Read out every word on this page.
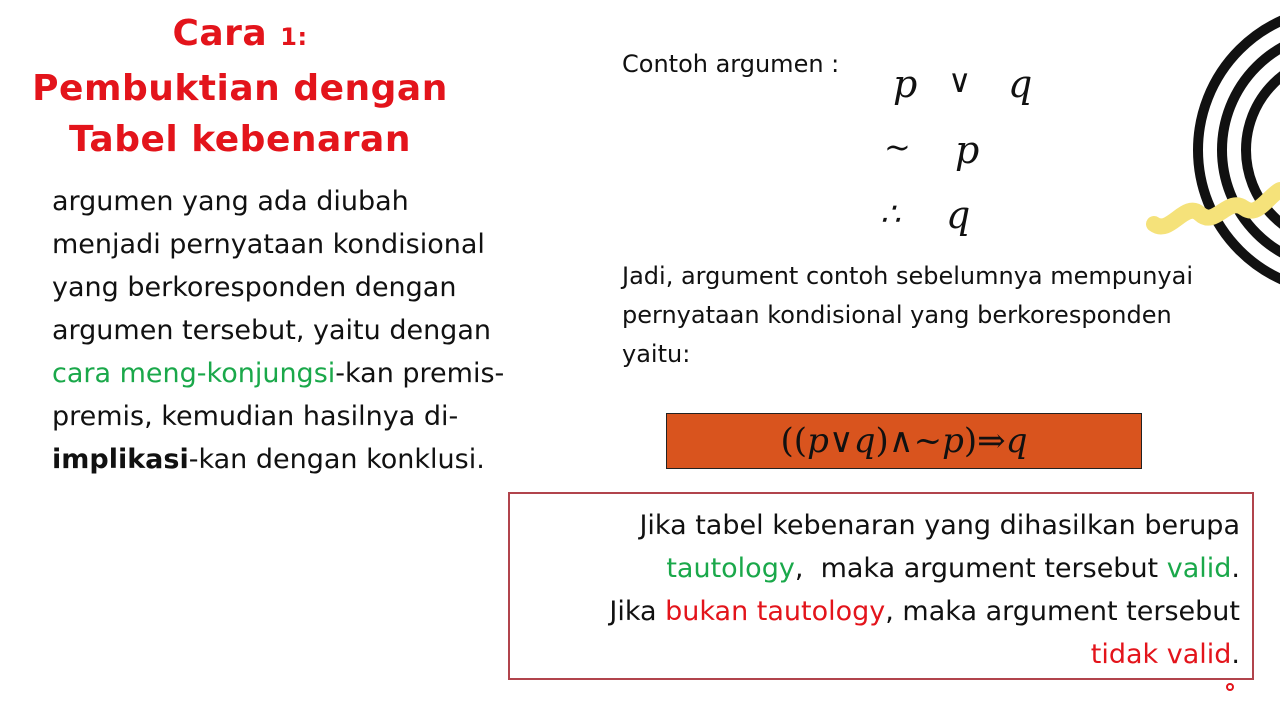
Cara 1:
Pembuktian dengan
Tabel kebenaran
argumen yang ada diubah menjadi pernyataan kondisional yang berkoresponden dengan argumen tersebut, yaitu dengan cara meng-konjungsi-kan premis-premis, kemudian hasilnya di-implikasi-kan dengan konklusi.
Contoh argumen : p ∨ q
~ p
∴ q
Jadi, argument contoh sebelumnya mempunyai pernyataan kondisional yang berkoresponden yaitu:
(( p ∨ q )∧ ~ p )⇒ q
Jika tabel kebenaran yang dihasilkan berupa
tautology,  maka argument tersebut valid.
Jika bukan tautology, maka argument tersebut
tidak valid.
